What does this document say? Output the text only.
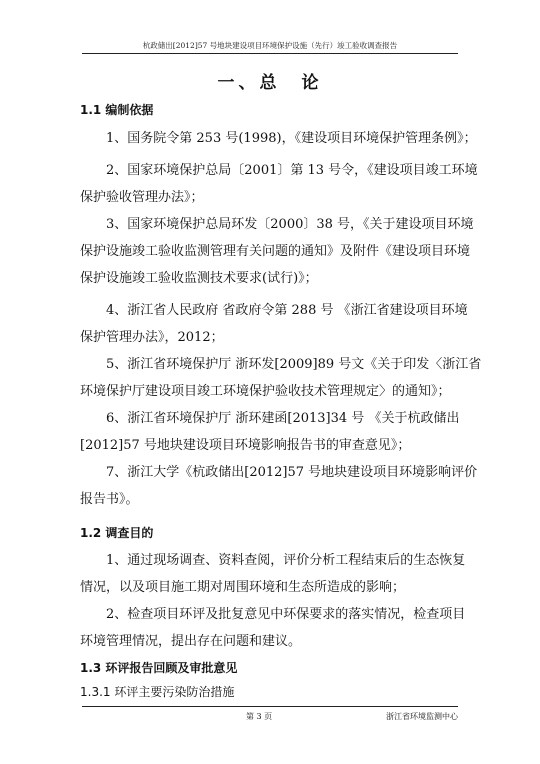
杭政储出[2012]57 号地块建设项目环境保护设施（先行）竣工验收调查报告
一、总　论
1.1 编制依据
1、国务院令第 253 号(1998)，《建设项目环境保护管理条例》；
2、国家环境保护总局〔2001〕第 13 号令，《建设项目竣工环境
保护验收管理办法》；
3、国家环境保护总局环发〔2000〕38 号，《关于建设项目环境
保护设施竣工验收监测管理有关问题的通知》及附件《建设项目环境
保护设施竣工验收监测技术要求(试行)》；
4、浙江省人民政府 省政府令第 288 号 《浙江省建设项目环境
保护管理办法》，2012；
5、浙江省环境保护厅 浙环发[2009]89 号文《关于印发〈浙江省
环境保护厅建设项目竣工环境保护验收技术管理规定〉的通知》；
6、浙江省环境保护厅 浙环建函[2013]34 号 《关于杭政储出
[2012]57 号地块建设项目环境影响报告书的审查意见》；
7、浙江大学《杭政储出[2012]57 号地块建设项目环境影响评价
报告书》。
1.2 调查目的
1、通过现场调查、资料查阅，评价分析工程结束后的生态恢复
情况，以及项目施工期对周围环境和生态所造成的影响；
2、检查项目环评及批复意见中环保要求的落实情况，检查项目
环境管理情况，提出存在问题和建议。
1.3 环评报告回顾及审批意见
1.3.1 环评主要污染防治措施
第 3 页	浙江省环境监测中心
